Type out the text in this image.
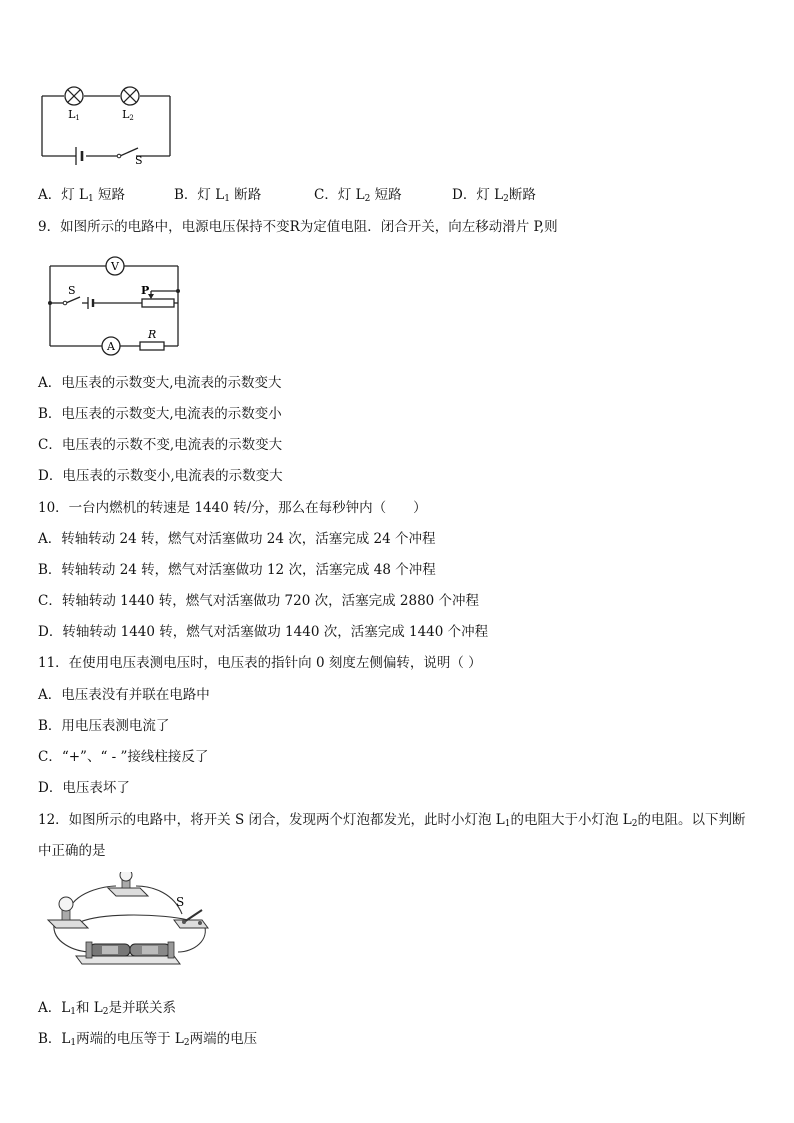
L1	L2
S
A．灯 $L_1$ 短路	B．灯 $L_1$ 断路	C．灯 $L_2$ 短路	D．灯 $L_2$断路
9．如图所示的电路中，电源电压保持不变R为定值电阻．闭合开关，向左移动滑片 P,则
V
A
S	P
R
A．电压表的示数变大,电流表的示数变大
B．电压表的示数变大,电流表的示数变小
C．电压表的示数不变,电流表的示数变大
D．电压表的示数变小,电流表的示数变大
10．一台内燃机的转速是 1440 转/分，那么在每秒钟内（　　）
A．转轴转动 24 转，燃气对活塞做功 24 次，活塞完成 24 个冲程
B．转轴转动 24 转，燃气对活塞做功 12 次，活塞完成 48 个冲程
C．转轴转动 1440 转，燃气对活塞做功 720 次，活塞完成 2880 个冲程
D．转轴转动 1440 转，燃气对活塞做功 1440 次，活塞完成 1440 个冲程
11．在使用电压表测电压时，电压表的指针向 0 刻度左侧偏转，说明（ ）
A．电压表没有并联在电路中
B．用电压表测电流了
C．“+”、“ - ”接线柱接反了
D．电压表坏了
12．如图所示的电路中，将开关 S 闭合，发现两个灯泡都发光，此时小灯泡 $L_1$的电阻大于小灯泡 $L_2$的电阻。以下判断
中正确的是
S
A．$L_1$和 $L_2$是并联关系
B．$L_1$两端的电压等于 $L_2$两端的电压
